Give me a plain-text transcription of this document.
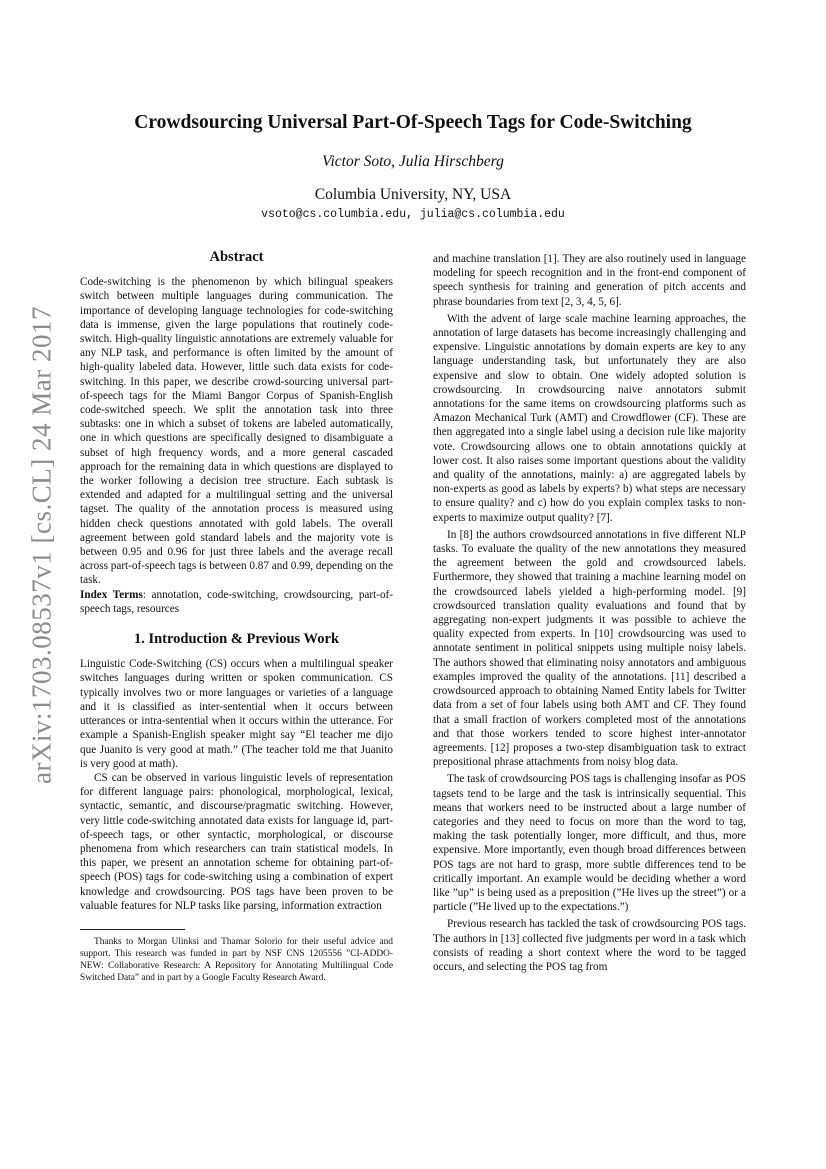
arXiv:1703.08537v1 [cs.CL] 24 Mar 2017
Crowdsourcing Universal Part-Of-Speech Tags for Code-Switching
Victor Soto, Julia Hirschberg
Columbia University, NY, USA
vsoto@cs.columbia.edu, julia@cs.columbia.edu
Abstract

Code-switching is the phenomenon by which bilingual speakers switch between multiple languages during communication. The importance of developing language technologies for code-switching data is immense, given the large populations that routinely code-switch. High-quality linguistic annotations are extremely valuable for any NLP task, and performance is often limited by the amount of high-quality labeled data. However, little such data exists for code-switching. In this paper, we describe crowd-sourcing universal part-of-speech tags for the Miami Bangor Corpus of Spanish-English code-switched speech. We split the annotation task into three subtasks: one in which a subset of tokens are labeled automatically, one in which questions are specifically designed to disambiguate a subset of high frequency words, and a more general cascaded approach for the remaining data in which questions are displayed to the worker following a decision tree structure. Each subtask is extended and adapted for a multilingual setting and the universal tagset. The quality of the annotation process is measured using hidden check questions annotated with gold labels. The overall agreement between gold standard labels and the majority vote is between 0.95 and 0.96 for just three labels and the average recall across part-of-speech tags is between 0.87 and 0.99, depending on the task.

Index Terms: annotation, code-switching, crowdsourcing, part-of-speech tags, resources

1. Introduction & Previous Work

Linguistic Code-Switching (CS) occurs when a multilingual speaker switches languages during written or spoken communication. CS typically involves two or more languages or varieties of a language and it is classified as inter-sentential when it occurs between utterances or intra-sentential when it occurs within the utterance. For example a Spanish-English speaker might say “El teacher me dijo que Juanito is very good at math.” (The teacher told me that Juanito is very good at math).

CS can be observed in various linguistic levels of representation for different language pairs: phonological, morphological, lexical, syntactic, semantic, and discourse/pragmatic switching. However, very little code-switching annotated data exists for language id, part-of-speech tags, or other syntactic, morphological, or discourse phenomena from which researchers can train statistical models. In this paper, we present an annotation scheme for obtaining part-of-speech (POS) tags for code-switching using a combination of expert knowledge and crowdsourcing. POS tags have been proven to be valuable features for NLP tasks like parsing, information extraction

Thanks to Morgan Ulinksi and Thamar Solorio for their useful advice and support. This research was funded in part by NSF CNS 1205556 ”CI-ADDO-NEW: Collaborative Research: A Repository for Annotating Multilingual Code Switched Data” and in part by a Google Faculty Research Award.

and machine translation [1]. They are also routinely used in language modeling for speech recognition and in the front-end component of speech synthesis for training and generation of pitch accents and phrase boundaries from text [2, 3, 4, 5, 6].

With the advent of large scale machine learning approaches, the annotation of large datasets has become increasingly challenging and expensive. Linguistic annotations by domain experts are key to any language understanding task, but unfortunately they are also expensive and slow to obtain. One widely adopted solution is crowdsourcing. In crowdsourcing naive annotators submit annotations for the same items on crowdsourcing platforms such as Amazon Mechanical Turk (AMT) and Crowdflower (CF). These are then aggregated into a single label using a decision rule like majority vote. Crowdsourcing allows one to obtain annotations quickly at lower cost. It also raises some important questions about the validity and quality of the annotations, mainly: a) are aggregated labels by non-experts as good as labels by experts? b) what steps are necessary to ensure quality? and c) how do you explain complex tasks to non-experts to maximize output quality? [7].

In [8] the authors crowdsourced annotations in five different NLP tasks. To evaluate the quality of the new annotations they measured the agreement between the gold and crowdsourced labels. Furthermore, they showed that training a machine learning model on the crowdsourced labels yielded a high-performing model. [9] crowdsourced translation quality evaluations and found that by aggregating non-expert judgments it was possible to achieve the quality expected from experts. In [10] crowdsourcing was used to annotate sentiment in political snippets using multiple noisy labels. The authors showed that eliminating noisy annotators and ambiguous examples improved the quality of the annotations. [11] described a crowdsourced approach to obtaining Named Entity labels for Twitter data from a set of four labels using both AMT and CF. They found that a small fraction of workers completed most of the annotations and that those workers tended to score highest inter-annotator agreements. [12] proposes a two-step disambiguation task to extract prepositional phrase attachments from noisy blog data.

The task of crowdsourcing POS tags is challenging insofar as POS tagsets tend to be large and the task is intrinsically sequential. This means that workers need to be instructed about a large number of categories and they need to focus on more than the word to tag, making the task potentially longer, more difficult, and thus, more expensive. More importantly, even though broad differences between POS tags are not hard to grasp, more subtle differences tend to be critically important. An example would be deciding whether a word like ”up” is being used as a preposition (”He lives up the street”) or a particle (”He lived up to the expectations.”)

Previous research has tackled the task of crowdsourcing POS tags. The authors in [13] collected five judgments per word in a task which consists of reading a short context where the word to be tagged occurs, and selecting the POS tag from
